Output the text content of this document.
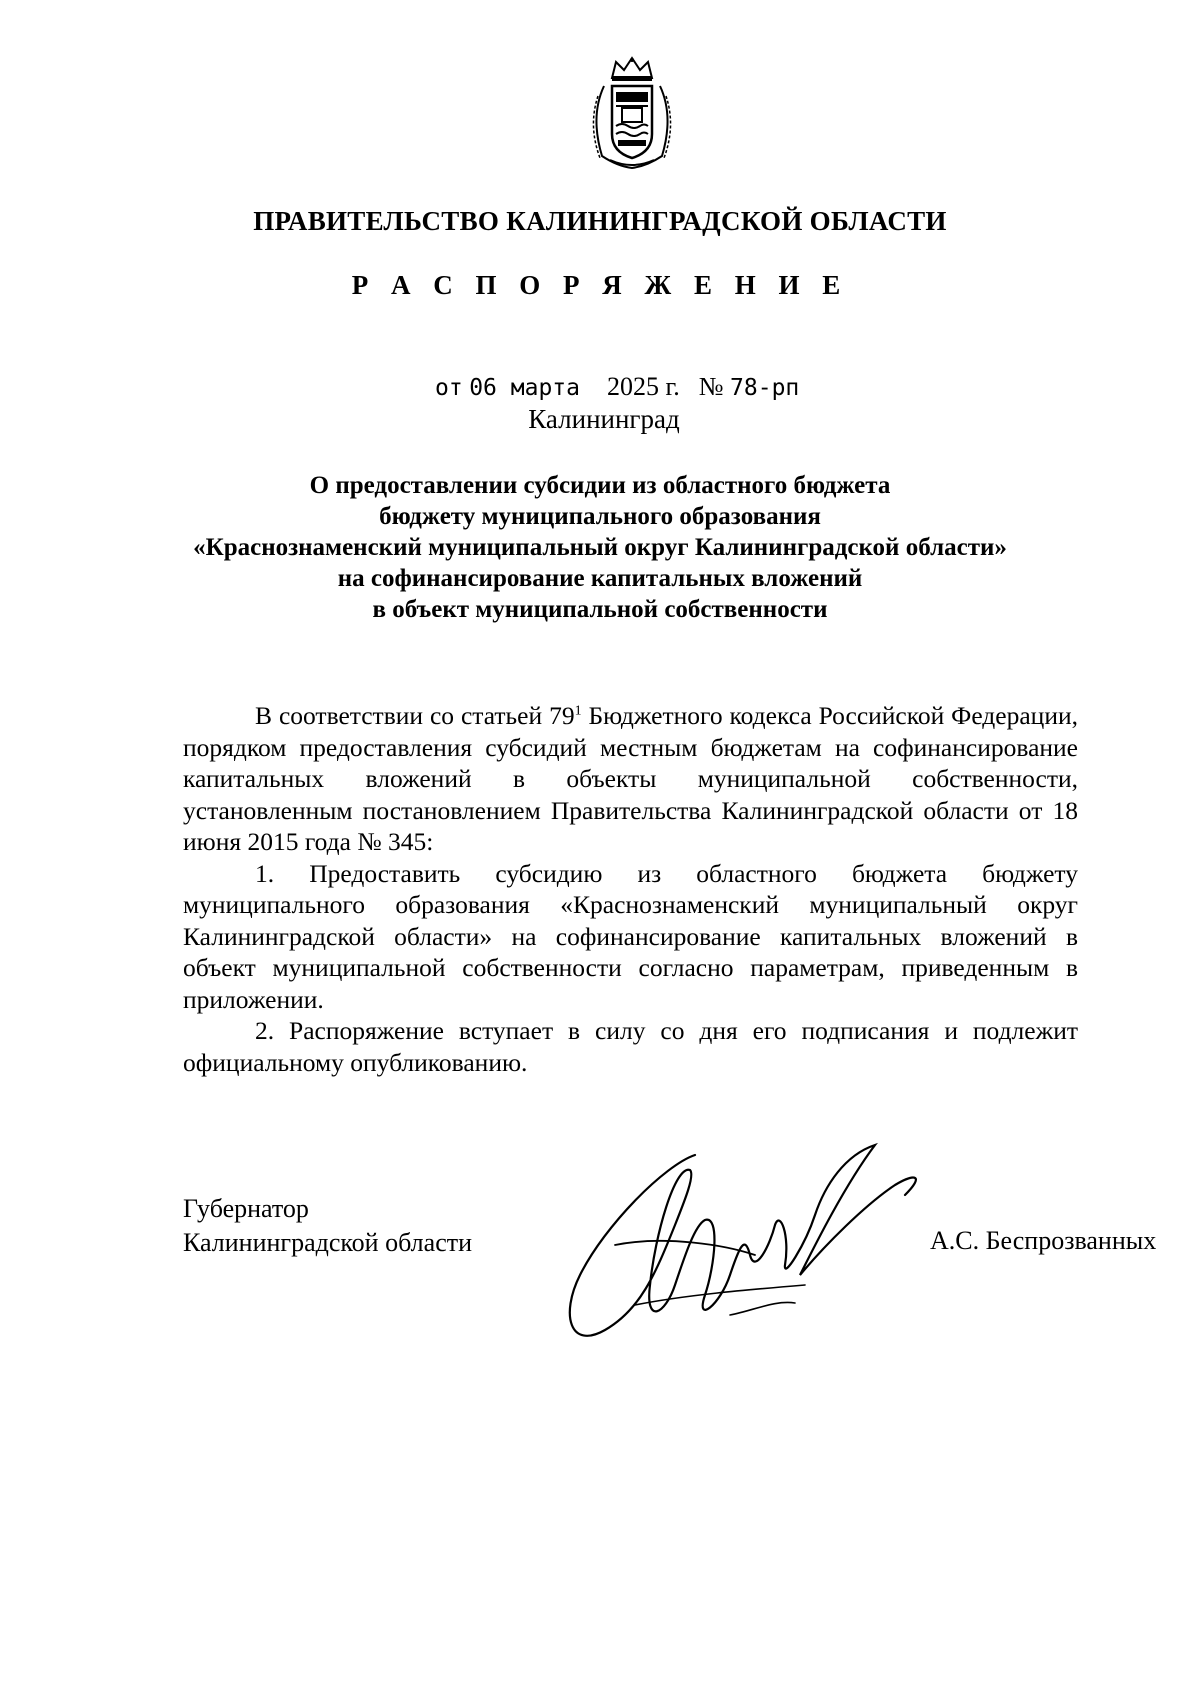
ПРАВИТЕЛЬСТВО КАЛИНИНГРАДСКОЙ ОБЛАСТИ
Р А С П О Р Я Ж Е Н И Е
от 06 марта 2025 г. № 78-рп
Калининград
О предоставлении субсидии из областного бюджета
бюджету муниципального образования
«Краснознаменский муниципальный округ Калининградской области»
на софинансирование капитальных вложений
в объект муниципальной собственности

В соответствии со статьей $79^1$ Бюджетного кодекса Российской Федерации, порядком предоставления субсидий местным бюджетам на софинансирование капитальных вложений в объекты муниципальной собственности, установленным постановлением Правительства Калининградской области от 18 июня 2015 года № 345:

1. Предоставить субсидию из областного бюджета бюджету муниципального образования «Краснознаменский муниципальный округ Калининградской области» на софинансирование капитальных вложений в объект муниципальной собственности согласно параметрам, приведенным в приложении.

2. Распоряжение вступает в силу со дня его подписания и подлежит официальному опубликованию.

Губернатор
Калининградской области	А.С. Беспрозванных
